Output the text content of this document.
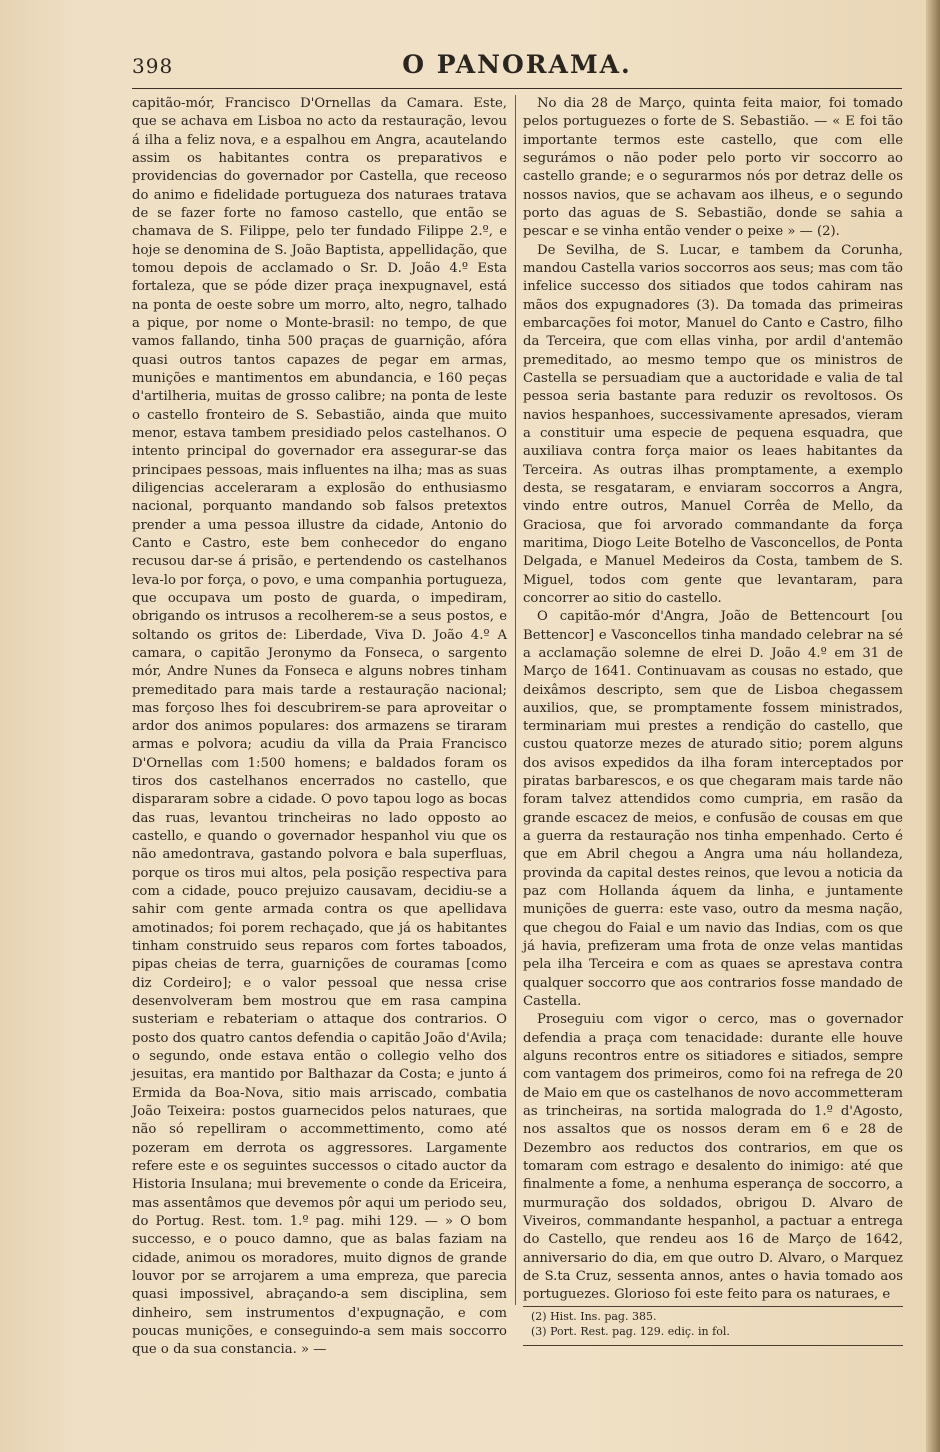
398	O PANORAMA.

capitão-mór, Francisco D'Ornellas da Camara. Este, que se achava em Lisboa no acto da restauração, levou á ilha a feliz nova, e a espalhou em Angra, acautelando assim os habitantes contra os preparativos e providencias do governador por Castella, que receoso do animo e fidelidade portugueza dos naturaes tratava de se fazer forte no famoso castello, que então se chamava de S. Filippe, pelo ter fundado Filippe 2.º, e hoje se denomina de S. João Baptista, appellidação, que tomou depois de acclamado o Sr. D. João 4.º Esta fortaleza, que se póde dizer praça inexpugnavel, está na ponta de oeste sobre um morro, alto, negro, talhado a pique, por nome o Monte-brasil: no tempo, de que vamos fallando, tinha 500 praças de guarnição, afóra quasi outros tantos capazes de pegar em armas, munições e mantimentos em abundancia, e 160 peças d'artilheria, muitas de grosso calibre; na ponta de leste o castello fronteiro de S. Sebastião, ainda que muito menor, estava tambem presidiado pelos castelhanos. O intento principal do governador era assegurar-se das principaes pessoas, mais influentes na ilha; mas as suas diligencias acceleraram a explosão do enthusiasmo nacional, porquanto mandando sob falsos pretextos prender a uma pessoa illustre da cidade, Antonio do Canto e Castro, este bem conhecedor do engano recusou dar-se á prisão, e pertendendo os castelhanos leva-lo por força, o povo, e uma companhia portugueza, que occupava um posto de guarda, o impediram, obrigando os intrusos a recolherem-se a seus postos, e soltando os gritos de: Liberdade, Viva D. João 4.º A camara, o capitão Jeronymo da Fonseca, o sargento mór, Andre Nunes da Fonseca e alguns nobres tinham premeditado para mais tarde a restauração nacional; mas forçoso lhes foi descubrirem-se para aproveitar o ardor dos animos populares: dos armazens se tiraram armas e polvora; acudiu da villa da Praia Francisco D'Ornellas com 1:500 homens; e baldados foram os tiros dos castelhanos encerrados no castello, que dispararam sobre a cidade. O povo tapou logo as bocas das ruas, levantou trincheiras no lado opposto ao castello, e quando o governador hespanhol viu que os não amedontrava, gastando polvora e bala superfluas, porque os tiros mui altos, pela posição respectiva para com a cidade, pouco prejuizo causavam, decidiu-se a sahir com gente armada contra os que apellidava amotinados; foi porem rechaçado, que já os habitantes tinham construido seus reparos com fortes taboados, pipas cheias de terra, guarnições de couramas [como diz Cordeiro]; e o valor pessoal que nessa crise desenvolveram bem mostrou que em rasa campina susteriam e rebateriam o attaque dos contrarios. O posto dos quatro cantos defendia o capitão João d'Avila; o segundo, onde estava então o collegio velho dos jesuitas, era mantido por Balthazar da Costa; e junto á Ermida da Boa-Nova, sitio mais arriscado, combatia João Teixeira: postos guarnecidos pelos naturaes, que não só repelliram o accommettimento, como até pozeram em derrota os aggressores. Largamente refere este e os seguintes successos o citado auctor da Historia Insulana; mui brevemente o conde da Ericeira, mas assentâmos que devemos pôr aqui um periodo seu, do Portug. Rest. tom. 1.º pag. mihi 129. — » O bom successo, e o pouco damno, que as balas faziam na cidade, animou os moradores, muito dignos de grande louvor por se arrojarem a uma empreza, que parecia quasi impossivel, abraçando-a sem disciplina, sem dinheiro, sem instrumentos d'expugnação, e com poucas munições, e conseguindo-a sem mais soccorro que o da sua constancia. » —

No dia 28 de Março, quinta feita maior, foi tomado pelos portuguezes o forte de S. Sebastião. — « E foi tão importante termos este castello, que com elle segurámos o não poder pelo porto vir soccorro ao castello grande; e o segurarmos nós por detraz delle os nossos navios, que se achavam aos ilheus, e o segundo porto das aguas de S. Sebastião, donde se sahia a pescar e se vinha então vender o peixe » — (2).

De Sevilha, de S. Lucar, e tambem da Corunha, mandou Castella varios soccorros aos seus; mas com tão infelice successo dos sitiados que todos cahiram nas mãos dos expugnadores (3). Da tomada das primeiras embarcações foi motor, Manuel do Canto e Castro, filho da Terceira, que com ellas vinha, por ardil d'antemão premeditado, ao mesmo tempo que os ministros de Castella se persuadiam que a auctoridade e valia de tal pessoa seria bastante para reduzir os revoltosos. Os navios hespanhoes, successivamente apresados, vieram a constituir uma especie de pequena esquadra, que auxiliava contra força maior os leaes habitantes da Terceira. As outras ilhas promptamente, a exemplo desta, se resgataram, e enviaram soccorros a Angra, vindo entre outros, Manuel Corrêa de Mello, da Graciosa, que foi arvorado commandante da força maritima, Diogo Leite Botelho de Vasconcellos, de Ponta Delgada, e Manuel Medeiros da Costa, tambem de S. Miguel, todos com gente que levantaram, para concorrer ao sitio do castello.

O capitão-mór d'Angra, João de Bettencourt [ou Bettencor] e Vasconcellos tinha mandado celebrar na sé a acclamação solemne de elrei D. João 4.º em 31 de Março de 1641. Continuavam as cousas no estado, que deixâmos descripto, sem que de Lisboa chegassem auxilios, que, se promptamente fossem ministrados, terminariam mui prestes a rendição do castello, que custou quatorze mezes de aturado sitio; porem alguns dos avisos expedidos da ilha foram interceptados por piratas barbarescos, e os que chegaram mais tarde não foram talvez attendidos como cumpria, em rasão da grande escacez de meios, e confusão de cousas em que a guerra da restauração nos tinha empenhado. Certo é que em Abril chegou a Angra uma náu hollandeza, provinda da capital destes reinos, que levou a noticia da paz com Hollanda áquem da linha, e juntamente munições de guerra: este vaso, outro da mesma nação, que chegou do Faial e um navio das Indias, com os que já havia, prefizeram uma frota de onze velas mantidas pela ilha Terceira e com as quaes se aprestava contra qualquer soccorro que aos contrarios fosse mandado de Castella.

Proseguiu com vigor o cerco, mas o governador defendia a praça com tenacidade: durante elle houve alguns recontros entre os sitiadores e sitiados, sempre com vantagem dos primeiros, como foi na refrega de 20 de Maio em que os castelhanos de novo accommetteram as trincheiras, na sortida malograda do 1.º d'Agosto, nos assaltos que os nossos deram em 6 e 28 de Dezembro aos reductos dos contrarios, em que os tomaram com estrago e desalento do inimigo: até que finalmente a fome, a nenhuma esperança de soccorro, a murmuração dos soldados, obrigou D. Alvaro de Viveiros, commandante hespanhol, a pactuar a entrega do Castello, que rendeu aos 16 de Março de 1642, anniversario do dia, em que outro D. Alvaro, o Marquez de S.ta Cruz, sessenta annos, antes o havia tomado aos portuguezes. Glorioso foi este feito para os naturaes, e

(2) Hist. Ins. pag. 385.
(3) Port. Rest. pag. 129. ediç. in fol.
